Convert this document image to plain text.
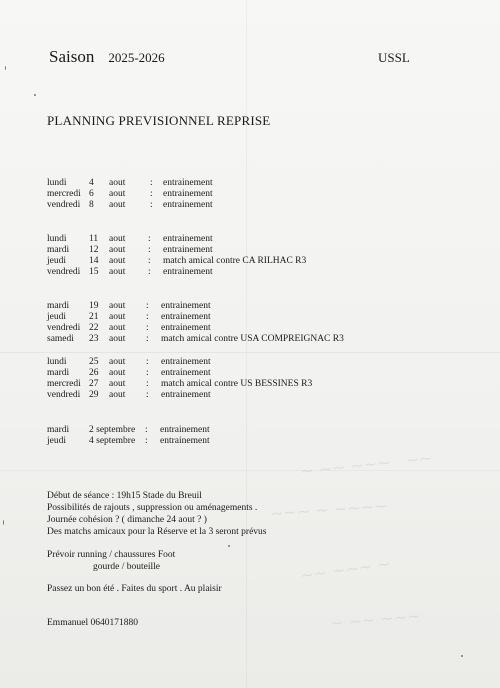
~ ~~ ~~~   ~~
~~~ ~ ~~~~
~~ ~~~ ~
~ ~~ ~~~
Saison 2025-2026	USSL
PLANNING PREVISIONNEL REPRISE
lundi 4 aout	: entrainement
mercredi 6 aout	: entrainement
vendredi 8 aout	: entrainement
lundi 11 aout : entrainement
mardi 12 aout : entrainement
jeudi 14 aout : match amical contre CA RILHAC R3
vendredi 15 aout : entrainement
mardi 19 aout : entrainement
jeudi 21 aout : entrainement
vendredi 22 aout : entrainement
samedi 23 aout : match amical contre USA COMPREIGNAC R3
lundi 25 aout : entrainement
mardi 26 aout : entrainement
mercredi 27 aout : match amical contre US BESSINES R3
vendredi 29 aout : entrainement
mardi 2 septembre : entrainement
jeudi 4 septembre : entrainement
Début de séance : 19h15 Stade du Breuil
Possibilités de rajouts , suppression ou aménagements .
Journée cohésion ? ( dimanche 24 aout ? )
Des matchs amicaux pour la Réserve et la 3 seront prévus
Prévoir running / chaussures Foot
gourde / bouteille
Passez un bon été . Faites du sport . Au plaisir
Emmanuel 0640171880
